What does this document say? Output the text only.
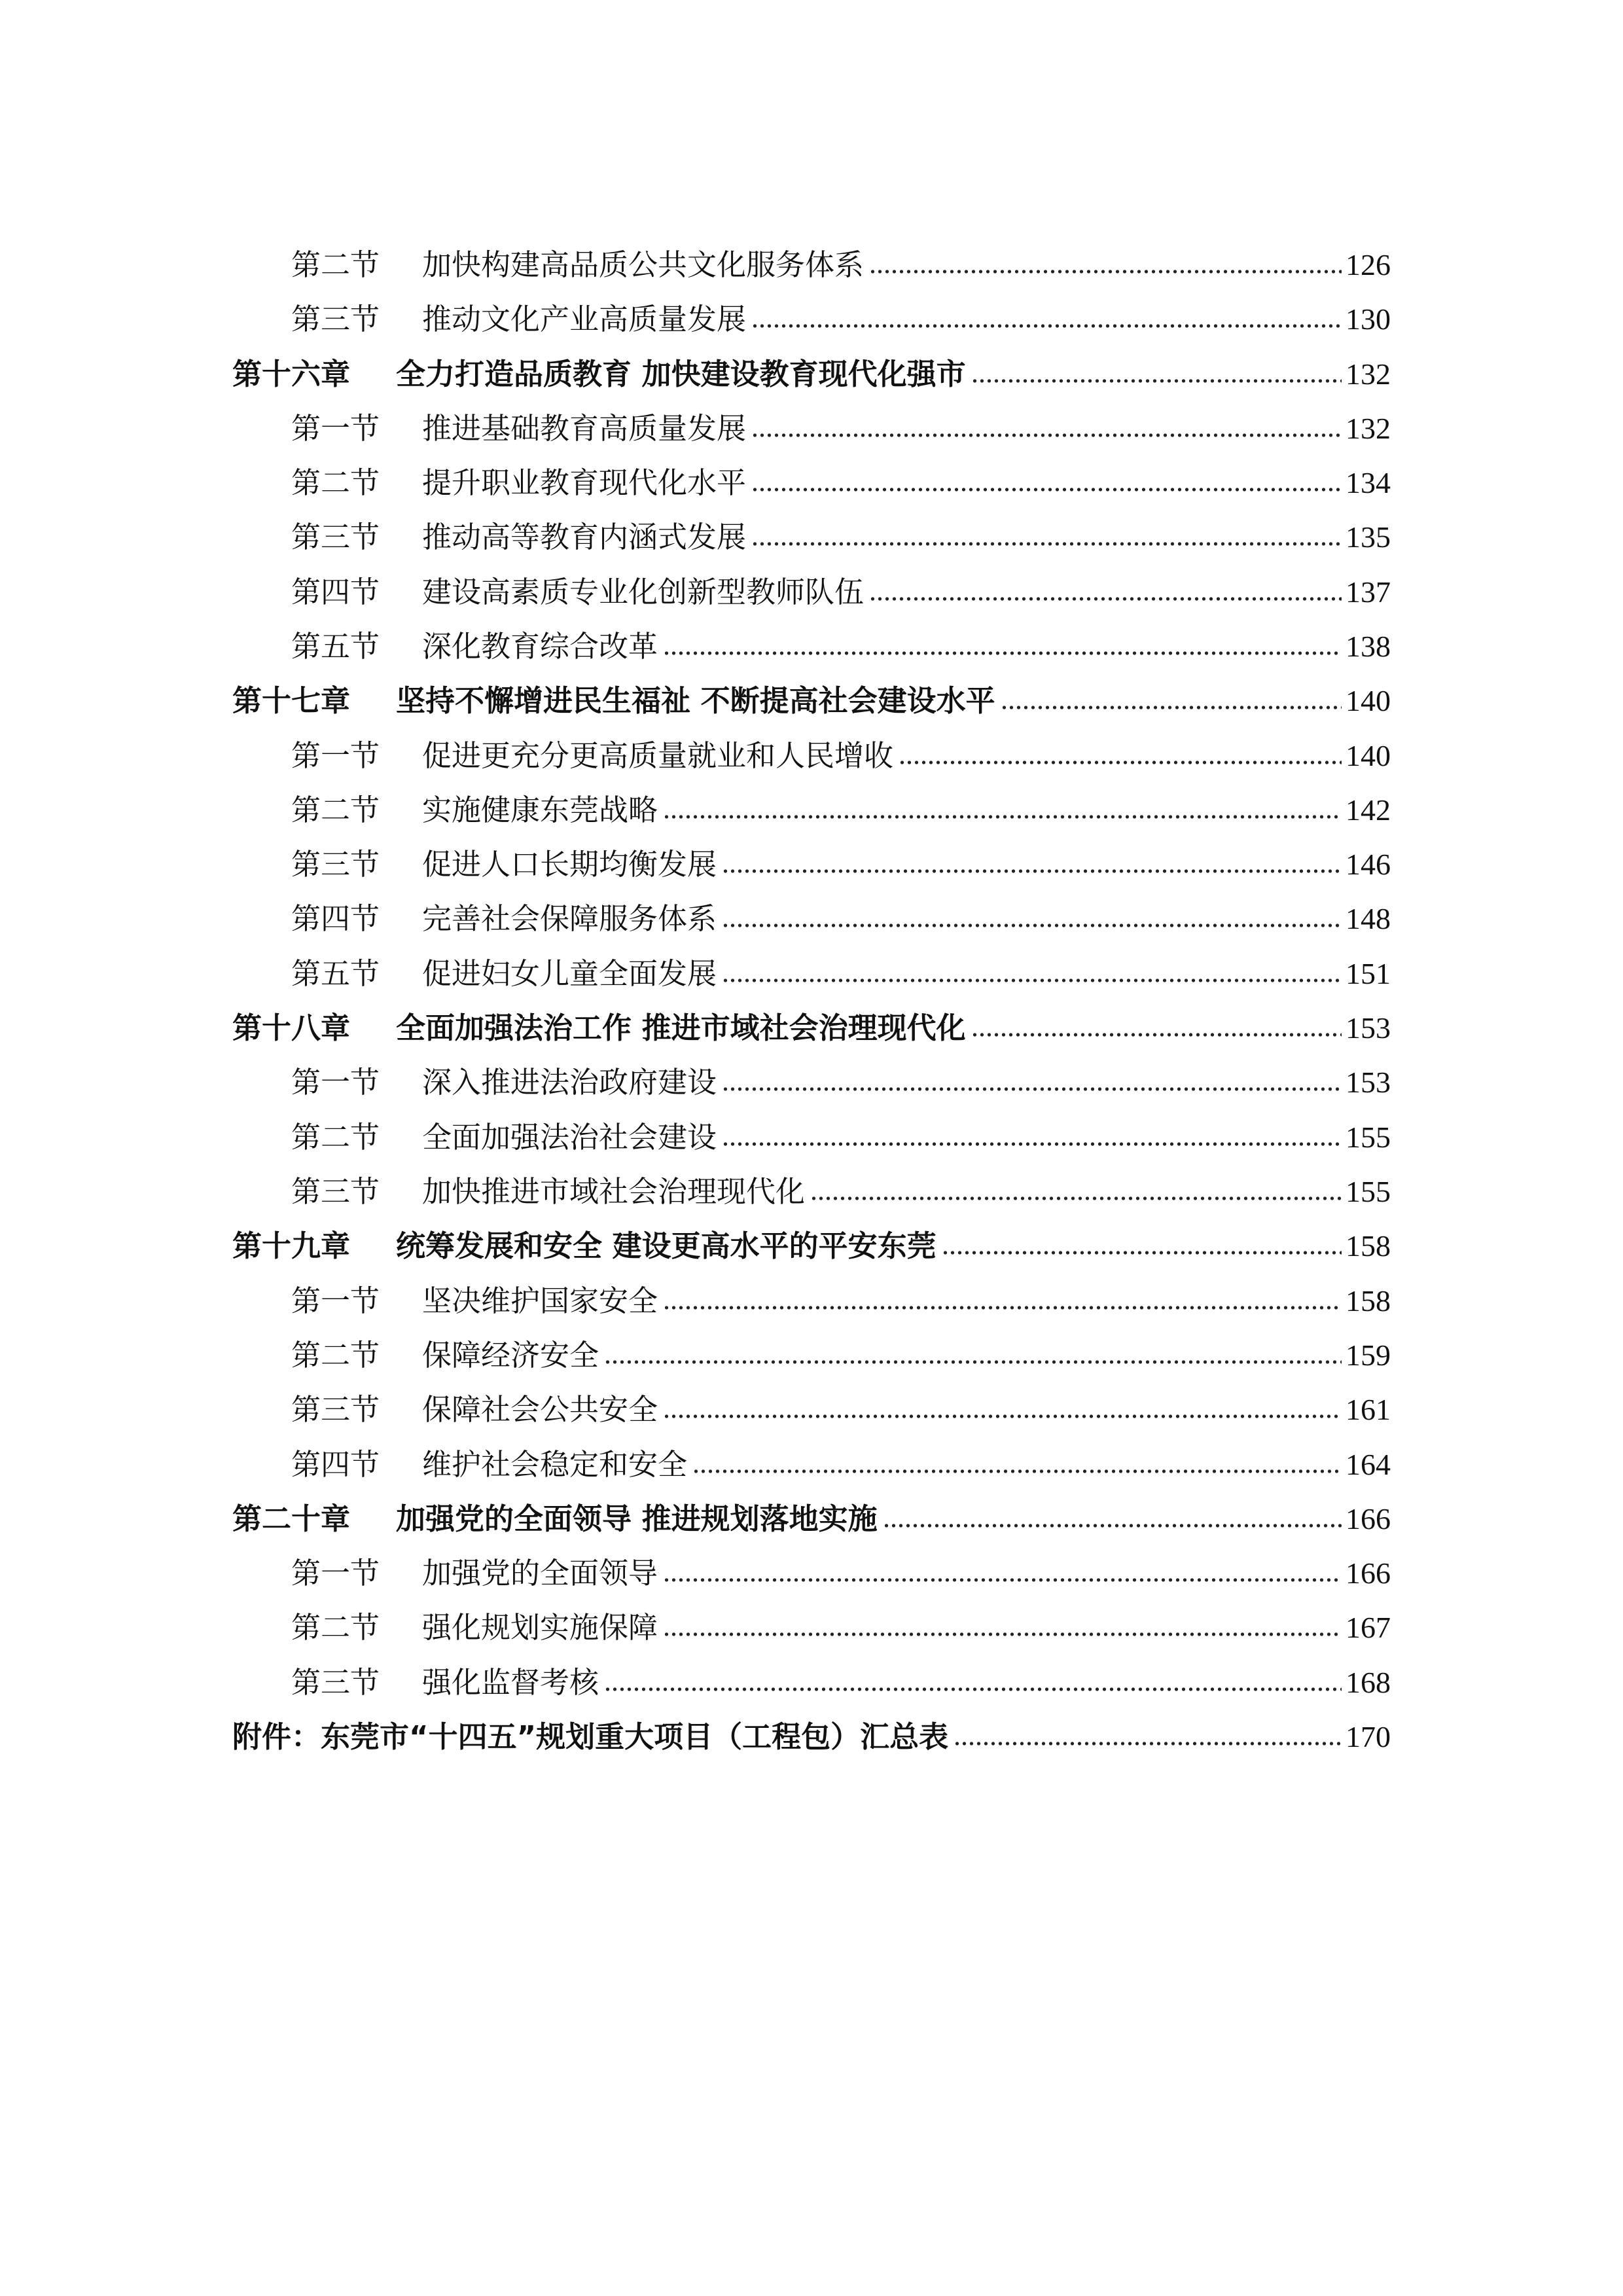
第二节	加快构建高品质公共文化服务体系	126
第三节	推动文化产业高质量发展	130
第十六章	全力打造品质教育 加快建设教育现代化强市	132
第一节	推进基础教育高质量发展	132
第二节	提升职业教育现代化水平	134
第三节	推动高等教育内涵式发展	135
第四节	建设高素质专业化创新型教师队伍	137
第五节	深化教育综合改革	138
第十七章	坚持不懈增进民生福祉 不断提高社会建设水平	140
第一节	促进更充分更高质量就业和人民增收	140
第二节	实施健康东莞战略	142
第三节	促进人口长期均衡发展	146
第四节	完善社会保障服务体系	148
第五节	促进妇女儿童全面发展	151
第十八章	全面加强法治工作 推进市域社会治理现代化	153
第一节	深入推进法治政府建设	153
第二节	全面加强法治社会建设	155
第三节	加快推进市域社会治理现代化	155
第十九章	统筹发展和安全 建设更高水平的平安东莞	158
第一节	坚决维护国家安全	158
第二节	保障经济安全	159
第三节	保障社会公共安全	161
第四节	维护社会稳定和安全	164
第二十章	加强党的全面领导 推进规划落地实施	166
第一节	加强党的全面领导	166
第二节	强化规划实施保障	167
第三节	强化监督考核	168
附件：东莞市“十四五”规划重大项目（工程包）汇总表	170
